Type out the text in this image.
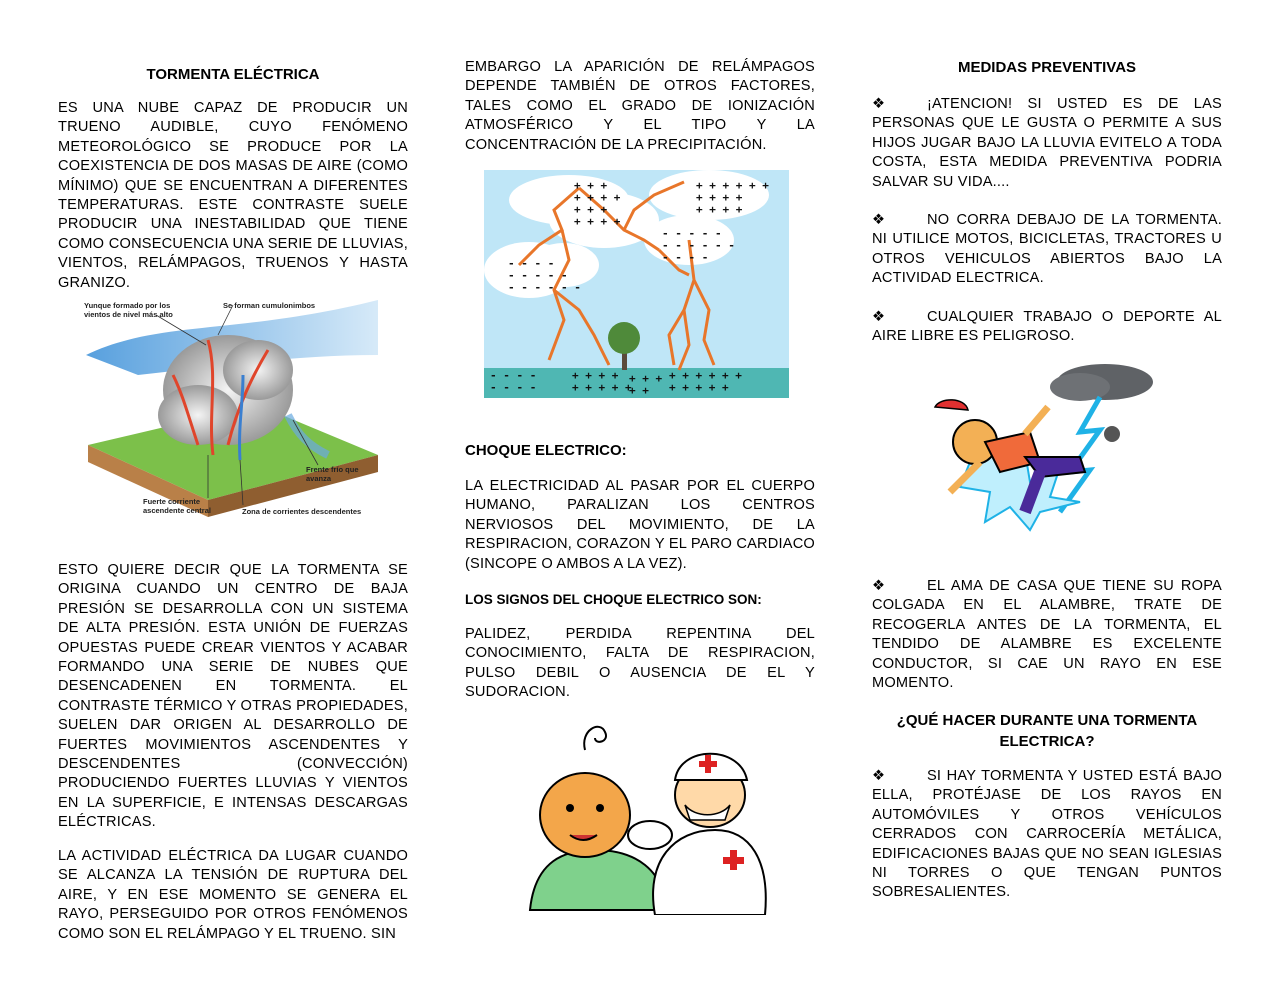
TORMENTA ELÉCTRICA

ES UNA NUBE CAPAZ DE PRODUCIR UN TRUENO AUDIBLE, CUYO FENÓMENO METEOROLÓGICO SE PRODUCE POR LA COEXISTENCIA DE DOS MASAS DE AIRE (COMO MÍNIMO) QUE SE ENCUENTRAN A DIFERENTES TEMPERATURAS. ESTE CONTRASTE SUELE PRODUCIR UNA INESTABILIDAD QUE TIENE COMO CONSECUENCIA UNA SERIE DE LLUVIAS, VIENTOS, RELÁMPAGOS, TRUENOS Y HASTA GRANIZO.

Yunque formado por los vientos de nivel más alto
Se forman cumulonimbos
Frente frío que avanza
Fuerte corriente ascendente central	Zona de corrientes descendentes

ESTO QUIERE DECIR QUE LA TORMENTA SE ORIGINA CUANDO UN CENTRO DE BAJA PRESIÓN SE DESARROLLA CON UN SISTEMA DE ALTA PRESIÓN. ESTA UNIÓN DE FUERZAS OPUESTAS PUEDE CREAR VIENTOS Y ACABAR FORMANDO UNA SERIE DE NUBES QUE DESENCADENEN EN TORMENTA. EL CONTRASTE TÉRMICO Y OTRAS PROPIEDADES, SUELEN DAR ORIGEN AL DESARROLLO DE FUERTES MOVIMIENTOS ASCENDENTES Y DESCENDENTES (CONVECCIÓN) PRODUCIENDO FUERTES LLUVIAS Y VIENTOS EN LA SUPERFICIE, E INTENSAS DESCARGAS ELÉCTRICAS.

LA ACTIVIDAD ELÉCTRICA DA LUGAR CUANDO SE ALCANZA LA TENSIÓN DE RUPTURA DEL AIRE, Y EN ESE MOMENTO SE GENERA EL RAYO, PERSEGUIDO POR OTROS FENÓMENOS COMO SON EL RELÁMPAGO Y EL TRUENO. SIN

EMBARGO LA APARICIÓN DE RELÁMPAGOS DEPENDE TAMBIÉN DE OTROS FACTORES, TALES COMO EL GRADO DE IONIZACIÓN ATMOSFÉRICO Y EL TIPO Y LA CONCENTRACIÓN DE LA PRECIPITACIÓN.

+ + +
+ + + +
+ + +
+ + + +
+ + + + + +
+ + + +
+ + + +
- - - -
- - - - -
- - - - - -
- - - - -
- - - - - -
- - - -
- - - -
- - - -
+ + + +
+ + + + +
+ + +
+ +
+ + + + + +
+ + + + +
CHOQUE ELECTRICO:

LA ELECTRICIDAD AL PASAR POR EL CUERPO HUMANO, PARALIZAN LOS CENTROS NERVIOSOS DEL MOVIMIENTO, DE LA RESPIRACION, CORAZON Y EL PARO CARDIACO (SINCOPE O AMBOS A LA VEZ).

LOS SIGNOS DEL CHOQUE ELECTRICO SON:

PALIDEZ, PERDIDA REPENTINA DEL CONOCIMIENTO, FALTA DE RESPIRACION, PULSO DEBIL O AUSENCIA DE EL Y SUDORACION.

MEDIDAS PREVENTIVAS

❖	¡ATENCION! SI USTED ES DE LAS PERSONAS QUE LE GUSTA O PERMITE A SUS HIJOS JUGAR BAJO LA LLUVIA EVITELO A TODA COSTA, ESTA MEDIDA PREVENTIVA PODRIA SALVAR SU VIDA....

❖	NO CORRA DEBAJO DE LA TORMENTA. NI UTILICE MOTOS, BICICLETAS, TRACTORES U OTROS VEHICULOS ABIERTOS BAJO LA ACTIVIDAD ELECTRICA.

❖	CUALQUIER TRABAJO O DEPORTE AL AIRE LIBRE ES PELIGROSO.

❖	EL AMA DE CASA QUE TIENE SU ROPA COLGADA EN EL ALAMBRE, TRATE DE RECOGERLA ANTES DE LA TORMENTA, EL TENDIDO DE ALAMBRE ES EXCELENTE CONDUCTOR, SI CAE UN RAYO EN ESE MOMENTO.

¿QUÉ HACER DURANTE UNA TORMENTA ELECTRICA?

❖	SI HAY TORMENTA Y USTED ESTÁ BAJO ELLA, PROTÉJASE DE LOS RAYOS EN AUTOMÓVILES Y OTROS VEHÍCULOS CERRADOS CON CARROCERÍA METÁLICA, EDIFICACIONES BAJAS QUE NO SEAN IGLESIAS NI TORRES O QUE TENGAN PUNTOS SOBRESALIENTES.
